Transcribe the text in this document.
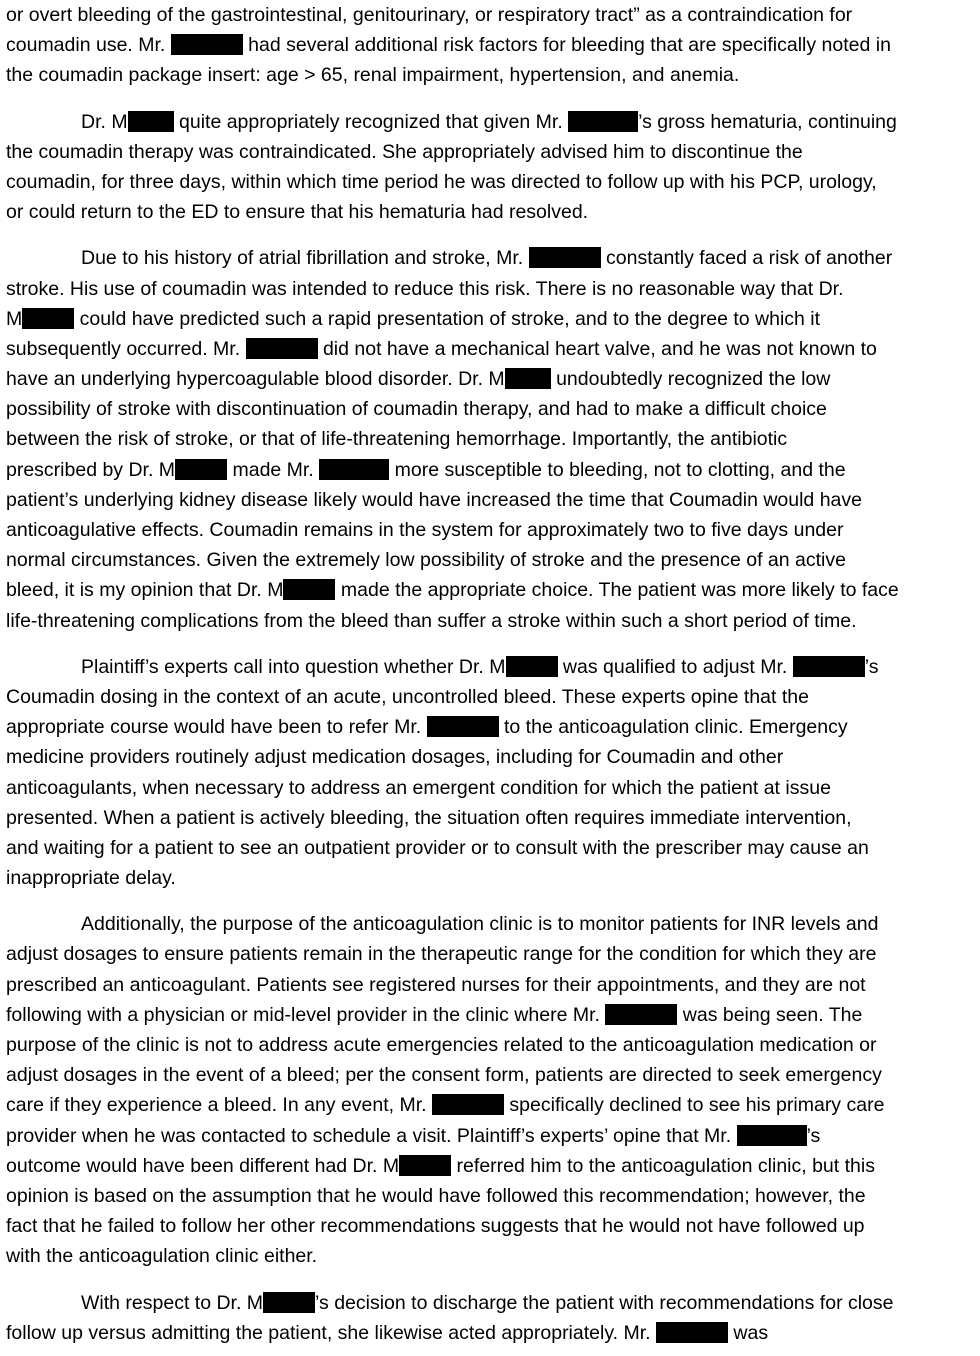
or overt bleeding of the gastrointestinal, genitourinary, or respiratory tract” as a contraindication for
coumadin use. Mr.	had several additional risk factors for bleeding that are specifically noted in
the coumadin package insert: age > 65, renal impairment, hypertension, and anemia.
Dr. M quite appropriately recognized that given Mr.	’s gross hematuria, continuing
the coumadin therapy was contraindicated. She appropriately advised him to discontinue the
coumadin, for three days, within which time period he was directed to follow up with his PCP, urology,
or could return to the ED to ensure that his hematuria had resolved.
Due to his history of atrial fibrillation and stroke, Mr.	constantly faced a risk of another
stroke. His use of coumadin was intended to reduce this risk. There is no reasonable way that Dr.
M	could have predicted such a rapid presentation of stroke, and to the degree to which it
subsequently occurred. Mr.	did not have a mechanical heart valve, and he was not known to
have an underlying hypercoagulable blood disorder. Dr. M undoubtedly recognized the low
possibility of stroke with discontinuation of coumadin therapy, and had to make a difficult choice
between the risk of stroke, or that of life-threatening hemorrhage. Importantly, the antibiotic
prescribed by Dr. M	made Mr.	more susceptible to bleeding, not to clotting, and the
patient’s underlying kidney disease likely would have increased the time that Coumadin would have
anticoagulative effects. Coumadin remains in the system for approximately two to five days under
normal circumstances. Given the extremely low possibility of stroke and the presence of an active
bleed, it is my opinion that Dr. M	made the appropriate choice. The patient was more likely to face
life-threatening complications from the bleed than suffer a stroke within such a short period of time.
Plaintiff’s experts call into question whether Dr. M	was qualified to adjust Mr.	’s
Coumadin dosing in the context of an acute, uncontrolled bleed. These experts opine that the
appropriate course would have been to refer Mr.	to the anticoagulation clinic. Emergency
medicine providers routinely adjust medication dosages, including for Coumadin and other
anticoagulants, when necessary to address an emergent condition for which the patient at issue
presented. When a patient is actively bleeding, the situation often requires immediate intervention,
and waiting for a patient to see an outpatient provider or to consult with the prescriber may cause an
inappropriate delay.
Additionally, the purpose of the anticoagulation clinic is to monitor patients for INR levels and
adjust dosages to ensure patients remain in the therapeutic range for the condition for which they are
prescribed an anticoagulant. Patients see registered nurses for their appointments, and they are not
following with a physician or mid-level provider in the clinic where Mr.	was being seen. The
purpose of the clinic is not to address acute emergencies related to the anticoagulation medication or
adjust dosages in the event of a bleed; per the consent form, patients are directed to seek emergency
care if they experience a bleed. In any event, Mr.	specifically declined to see his primary care
provider when he was contacted to schedule a visit. Plaintiff’s experts’ opine that Mr.	’s
outcome would have been different had Dr. M	referred him to the anticoagulation clinic, but this
opinion is based on the assumption that he would have followed this recommendation; however, the
fact that he failed to follow her other recommendations suggests that he would not have followed up
with the anticoagulation clinic either.
With respect to Dr. M	’s decision to discharge the patient with recommendations for close
follow up versus admitting the patient, she likewise acted appropriately. Mr.	was
